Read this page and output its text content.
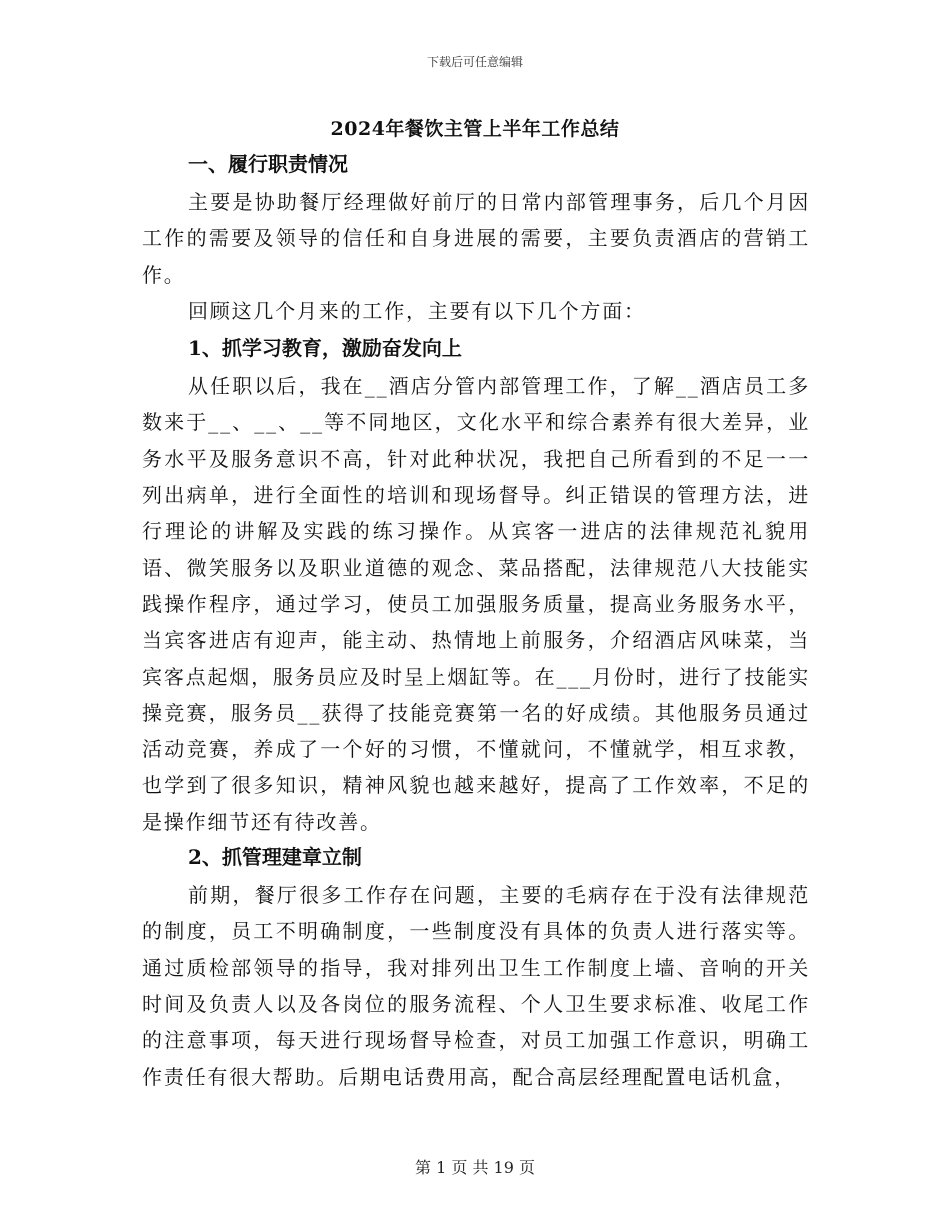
下载后可任意编辑
2024年餐饮主管上半年工作总结
一、履行职责情况

主要是协助餐厅经理做好前厅的日常内部管理事务，后几个月因工作的需要及领导的信任和自身进展的需要，主要负责酒店的营销工作。

回顾这几个月来的工作，主要有以下几个方面：

1、抓学习教育，激励奋发向上

从任职以后，我在__酒店分管内部管理工作，了解__酒店员工多数来于__、__、__等不同地区，文化水平和综合素养有很大差异，业务水平及服务意识不高，针对此种状况，我把自己所看到的不足一一列出病单，进行全面性的培训和现场督导。纠正错误的管理方法，进行理论的讲解及实践的练习操作。从宾客一进店的法律规范礼貌用语、微笑服务以及职业道德的观念、菜品搭配，法律规范八大技能实践操作程序，通过学习，使员工加强服务质量，提高业务服务水平，当宾客进店有迎声，能主动、热情地上前服务，介绍酒店风味菜，当宾客点起烟，服务员应及时呈上烟缸等。在___月份时，进行了技能实操竞赛，服务员__获得了技能竞赛第一名的好成绩。其他服务员通过活动竞赛，养成了一个好的习惯，不懂就问，不懂就学，相互求教，也学到了很多知识，精神风貌也越来越好，提高了工作效率，不足的是操作细节还有待改善。

2、抓管理建章立制

前期，餐厅很多工作存在问题，主要的毛病存在于没有法律规范的制度，员工不明确制度，一些制度没有具体的负责人进行落实等。通过质检部领导的指导，我对排列出卫生工作制度上墙、音响的开关时间及负责人以及各岗位的服务流程、个人卫生要求标准、收尾工作的注意事项，每天进行现场督导检查，对员工加强工作意识，明确工作责任有很大帮助。后期电话费用高，配合高层经理配置电话机盒，

第 1 页 共 19 页
